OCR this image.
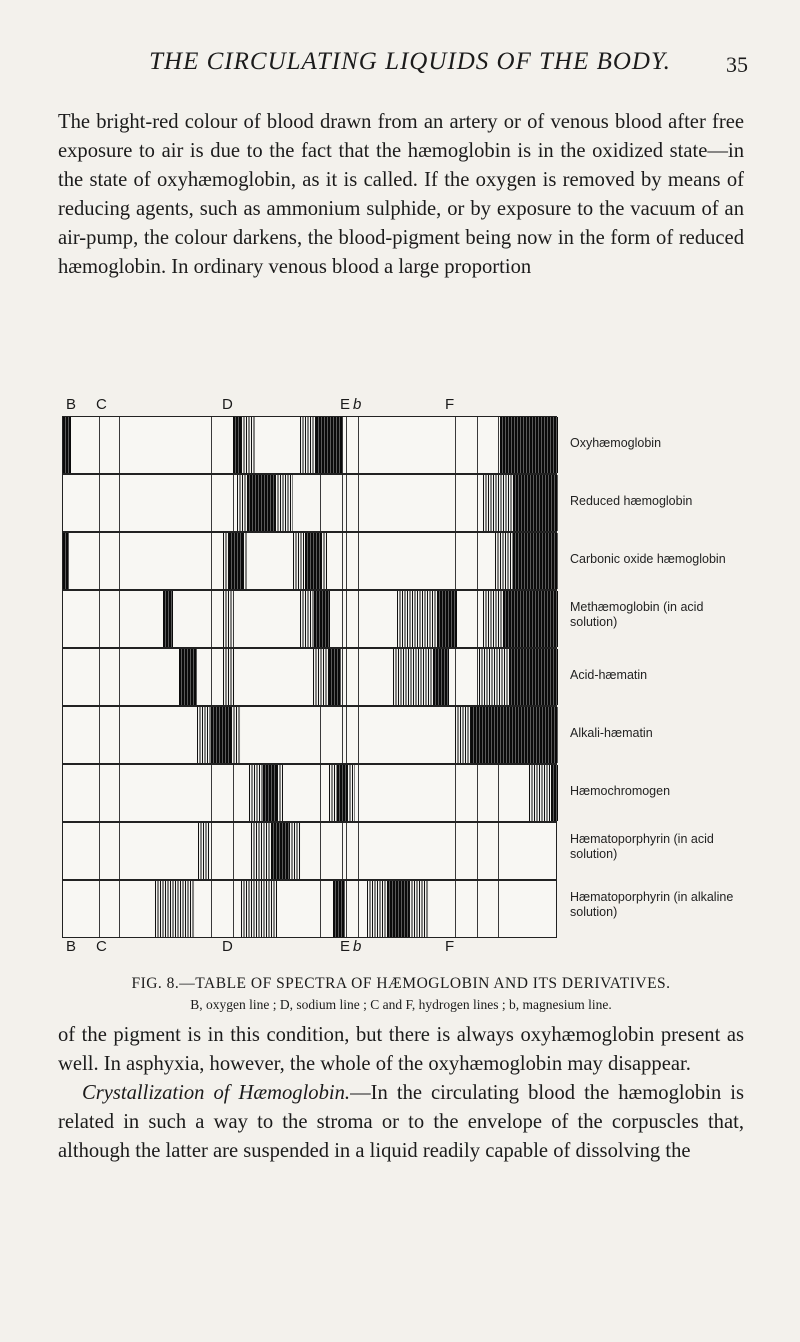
THE CIRCULATING LIQUIDS OF THE BODY.	35

The bright-red colour of blood drawn from an artery or of venous blood after free exposure to air is due to the fact that the hæmoglobin is in the oxidized state—in the state of oxyhæmoglobin, as it is called. If the oxygen is removed by means of reducing agents, such as ammonium sulphide, or by exposure to the vacuum of an air-pump, the colour darkens, the blood-pigment being now in the form of reduced hæmoglobin. In ordinary venous blood a large proportion

B C	D	E b	F
Oxyhæmoglobin
Reduced hæmoglobin
Carbonic oxide hæmoglobin
Methæmoglobin (in acid solution)
Acid-hæmatin
Alkali-hæmatin
Hæmochromogen
Hæmatoporphyrin (in acid solution)
Hæmatoporphyrin (in alkaline solution)
B C	D	E b	F
FIG. 8.—TABLE OF SPECTRA OF HÆMOGLOBIN AND ITS DERIVATIVES.
B, oxygen line ; D, sodium line ; C and F, hydrogen lines ; b, magnesium line.

of the pigment is in this condition, but there is always oxyhæmoglobin present as well. In asphyxia, however, the whole of the oxyhæmoglobin may disappear.

Crystallization of Hæmoglobin.—In the circulating blood the hæmoglobin is related in such a way to the stroma or to the envelope of the corpuscles that, although the latter are suspended in a liquid readily capable of dissolving the
